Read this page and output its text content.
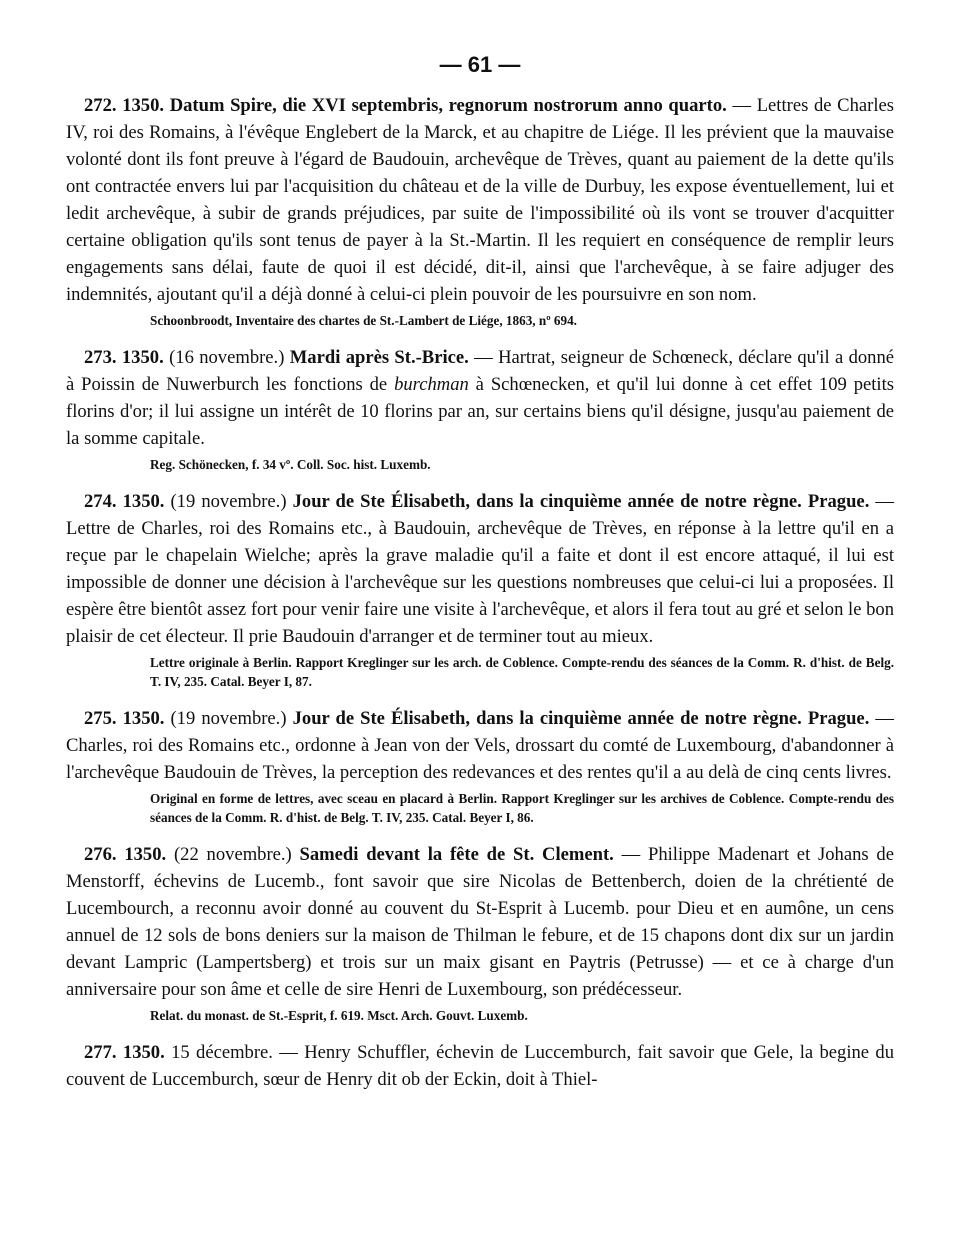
— 61 —

272. 1350. Datum Spire, die XVI septembris, regnorum nostrorum anno quarto. — Lettres de Charles IV, roi des Romains, à l'évêque Englebert de la Marck, et au chapitre de Liége. Il les prévient que la mauvaise volonté dont ils font preuve à l'égard de Baudouin, archevêque de Trèves, quant au paiement de la dette qu'ils ont contractée envers lui par l'acquisition du château et de la ville de Durbuy, les expose éventuellement, lui et ledit archevêque, à subir de grands préjudices, par suite de l'impossibilité où ils vont se trouver d'acquitter certaine obligation qu'ils sont tenus de payer à la St.-Martin. Il les requiert en conséquence de remplir leurs engagements sans délai, faute de quoi il est décidé, dit-il, ainsi que l'archevêque, à se faire adjuger des indemnités, ajoutant qu'il a déjà donné à celui-ci plein pouvoir de les poursuivre en son nom.

Schoonbroodt, Inventaire des chartes de St.-Lambert de Liége, 1863, nº 694.

273. 1350. (16 novembre.) Mardi après St.-Brice. — Hartrat, seigneur de Schœneck, déclare qu'il a donné à Poissin de Nuwerburch les fonctions de burchman à Schœnecken, et qu'il lui donne à cet effet 109 petits florins d'or; il lui assigne un intérêt de 10 florins par an, sur certains biens qu'il désigne, jusqu'au paiement de la somme capitale.

Reg. Schönecken, f. 34 vº. Coll. Soc. hist. Luxemb.

274. 1350. (19 novembre.) Jour de Ste Élisabeth, dans la cinquième année de notre règne. Prague. — Lettre de Charles, roi des Romains etc., à Baudouin, archevêque de Trèves, en réponse à la lettre qu'il en a reçue par le chapelain Wielche; après la grave maladie qu'il a faite et dont il est encore attaqué, il lui est impossible de donner une décision à l'archevêque sur les questions nombreuses que celui-ci lui a proposées. Il espère être bientôt assez fort pour venir faire une visite à l'archevêque, et alors il fera tout au gré et selon le bon plaisir de cet électeur. Il prie Baudouin d'arranger et de terminer tout au mieux.

Lettre originale à Berlin. Rapport Kreglinger sur les arch. de Coblence. Compte-rendu des séances de la Comm. R. d'hist. de Belg. T. IV, 235. Catal. Beyer I, 87.

275. 1350. (19 novembre.) Jour de Ste Élisabeth, dans la cinquième année de notre règne. Prague. — Charles, roi des Romains etc., ordonne à Jean von der Vels, drossart du comté de Luxembourg, d'abandonner à l'archevêque Baudouin de Trèves, la perception des redevances et des rentes qu'il a au delà de cinq cents livres.

Original en forme de lettres, avec sceau en placard à Berlin. Rapport Kreglinger sur les archives de Coblence. Compte-rendu des séances de la Comm. R. d'hist. de Belg. T. IV, 235. Catal. Beyer I, 86.

276. 1350. (22 novembre.) Samedi devant la fête de St. Clement. — Philippe Madenart et Johans de Menstorff, échevins de Lucemb., font savoir que sire Nicolas de Bettenberch, doien de la chrétienté de Lucembourch, a reconnu avoir donné au couvent du St-Esprit à Lucemb. pour Dieu et en aumône, un cens annuel de 12 sols de bons deniers sur la maison de Thilman le febure, et de 15 chapons dont dix sur un jardin devant Lampric (Lampertsberg) et trois sur un maix gisant en Paytris (Petrusse) — et ce à charge d'un anniversaire pour son âme et celle de sire Henri de Luxembourg, son prédécesseur.

Relat. du monast. de St.-Esprit, f. 619. Msct. Arch. Gouvt. Luxemb.

277. 1350. 15 décembre. — Henry Schuffler, échevin de Luccemburch, fait savoir que Gele, la begine du couvent de Luccemburch, sœur de Henry dit ob der Eckin, doit à Thiel-
